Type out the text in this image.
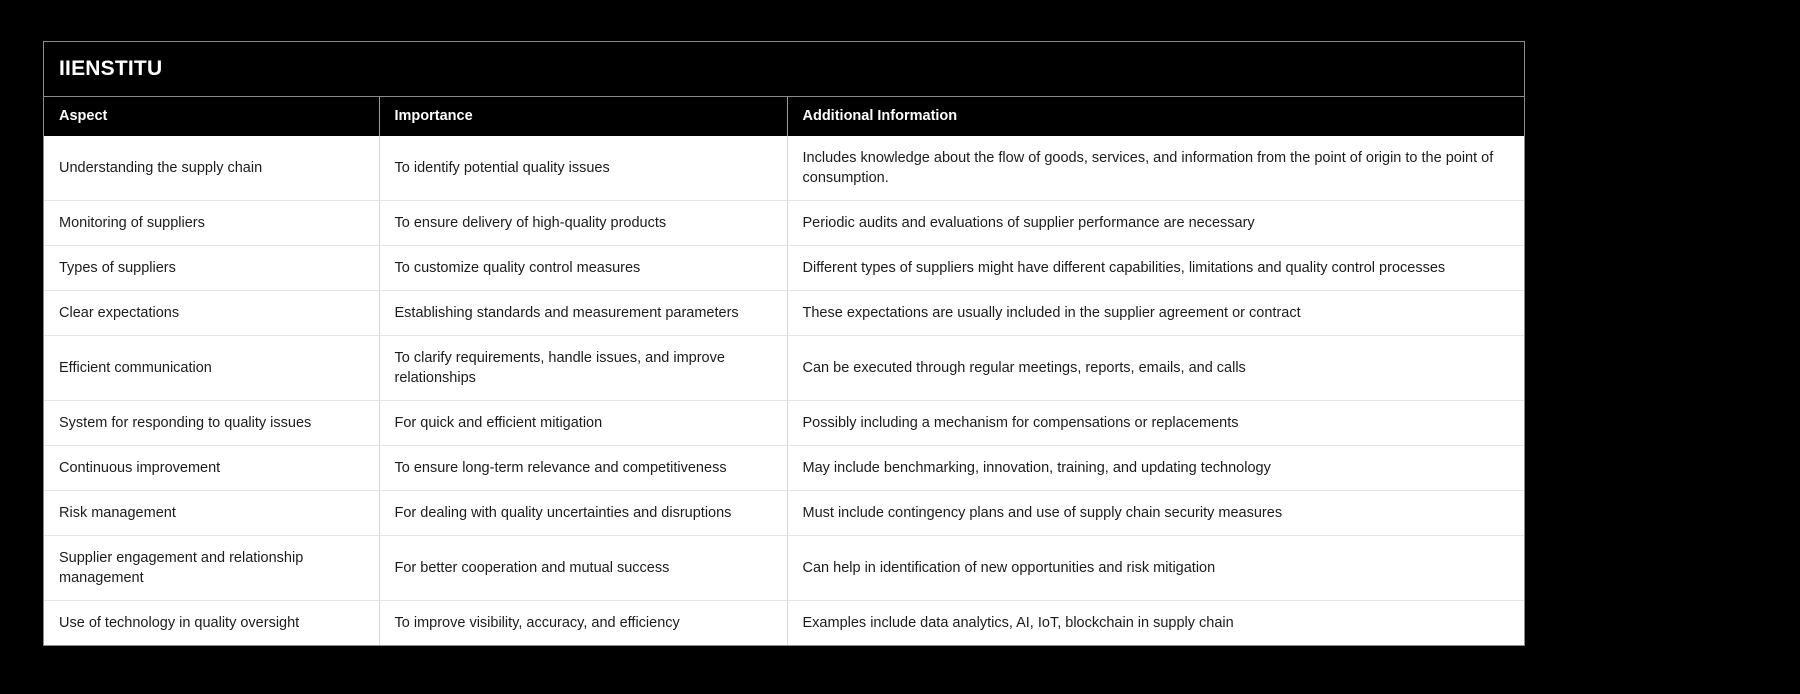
IIENSTITU
Aspect	Importance	Additional Information
Understanding the supply chain	To identify potential quality issues	Includes knowledge about the flow of goods, services, and information from the point of origin to the point of consumption.
Monitoring of suppliers	To ensure delivery of high-quality products	Periodic audits and evaluations of supplier performance are necessary
Types of suppliers	To customize quality control measures	Different types of suppliers might have different capabilities, limitations and quality control processes
Clear expectations	Establishing standards and measurement parameters	These expectations are usually included in the supplier agreement or contract
Efficient communication	To clarify requirements, handle issues, and improve relationships	Can be executed through regular meetings, reports, emails, and calls
System for responding to quality issues	For quick and efficient mitigation	Possibly including a mechanism for compensations or replacements
Continuous improvement	To ensure long-term relevance and competitiveness	May include benchmarking, innovation, training, and updating technology
Risk management	For dealing with quality uncertainties and disruptions	Must include contingency plans and use of supply chain security measures
Supplier engagement and relationship management	For better cooperation and mutual success	Can help in identification of new opportunities and risk mitigation
Use of technology in quality oversight	To improve visibility, accuracy, and efficiency	Examples include data analytics, AI, IoT, blockchain in supply chain
